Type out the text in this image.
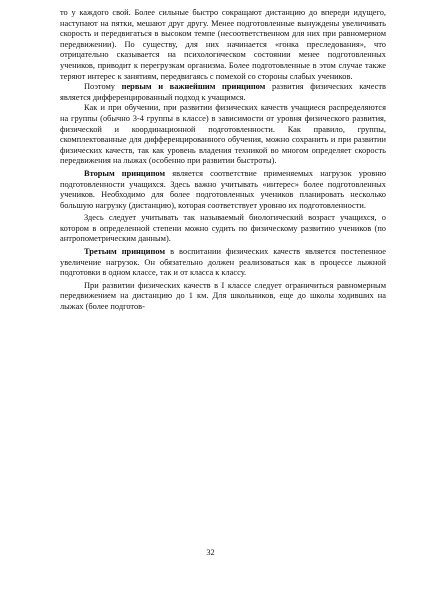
то у каждого свой. Более сильные быстро сокращают дистанцию до впереди идущего, наступают на пятки, мешают друг другу. Менее подготовленные вынуждены увеличивать скорость и передвигаться в высоком темпе (несоответственном для них при равномерном передвижении). По существу, для них начинается «гонка преследования», что отрицательно сказывается на психологическом состоянии менее подготовленных учеников, приводит к перегрузкам организма. Более подготовленные в этом случае также теряют интерес к занятиям, передвигаясь с помехой со стороны слабых учеников.

Поэтому первым и важнейшим принципом развития физических качеств является дифференцированный подход к учащимся.

Как и при обучении, при развитии физических качеств учащиеся распределяются на группы (обычно 3-4 группы в классе) в зависимости от уровня физического развития, физической и координационной подготовленности. Как правило, группы, скомплектованные для дифференцированного обучения, можно сохранить и при развитии физических качеств, так как уровень владения техникой во многом определяет скорость передвижения на лыжах (особенно при развитии быстроты).

Вторым принципом является соответствие применяемых нагрузок уровню подготовленности учащихся. Здесь важно учитывать «интерес» более подготовленных учеников. Необходимо для более подготовленных учеников планировать несколько большую нагрузку (дистанцию), которая соответствует уровню их подготовленности.

Здесь следует учитывать так называемый биологический возраст учащихся, о котором в определенной степени можно судить по физическому развитию учеников (по антропометрическим данным).

Третьим принципом в воспитании физических качеств является постепенное увеличение нагрузок. Он обязательно должен реализоваться как в процессе лыжной подготовки в одном классе, так и от класса к классу.

При развитии физических качеств в I классе следует ограничиться равномерным передвижением на дистанцию до 1 км. Для школьников, еще до школы ходивших на лыжах (более подготов-

32
